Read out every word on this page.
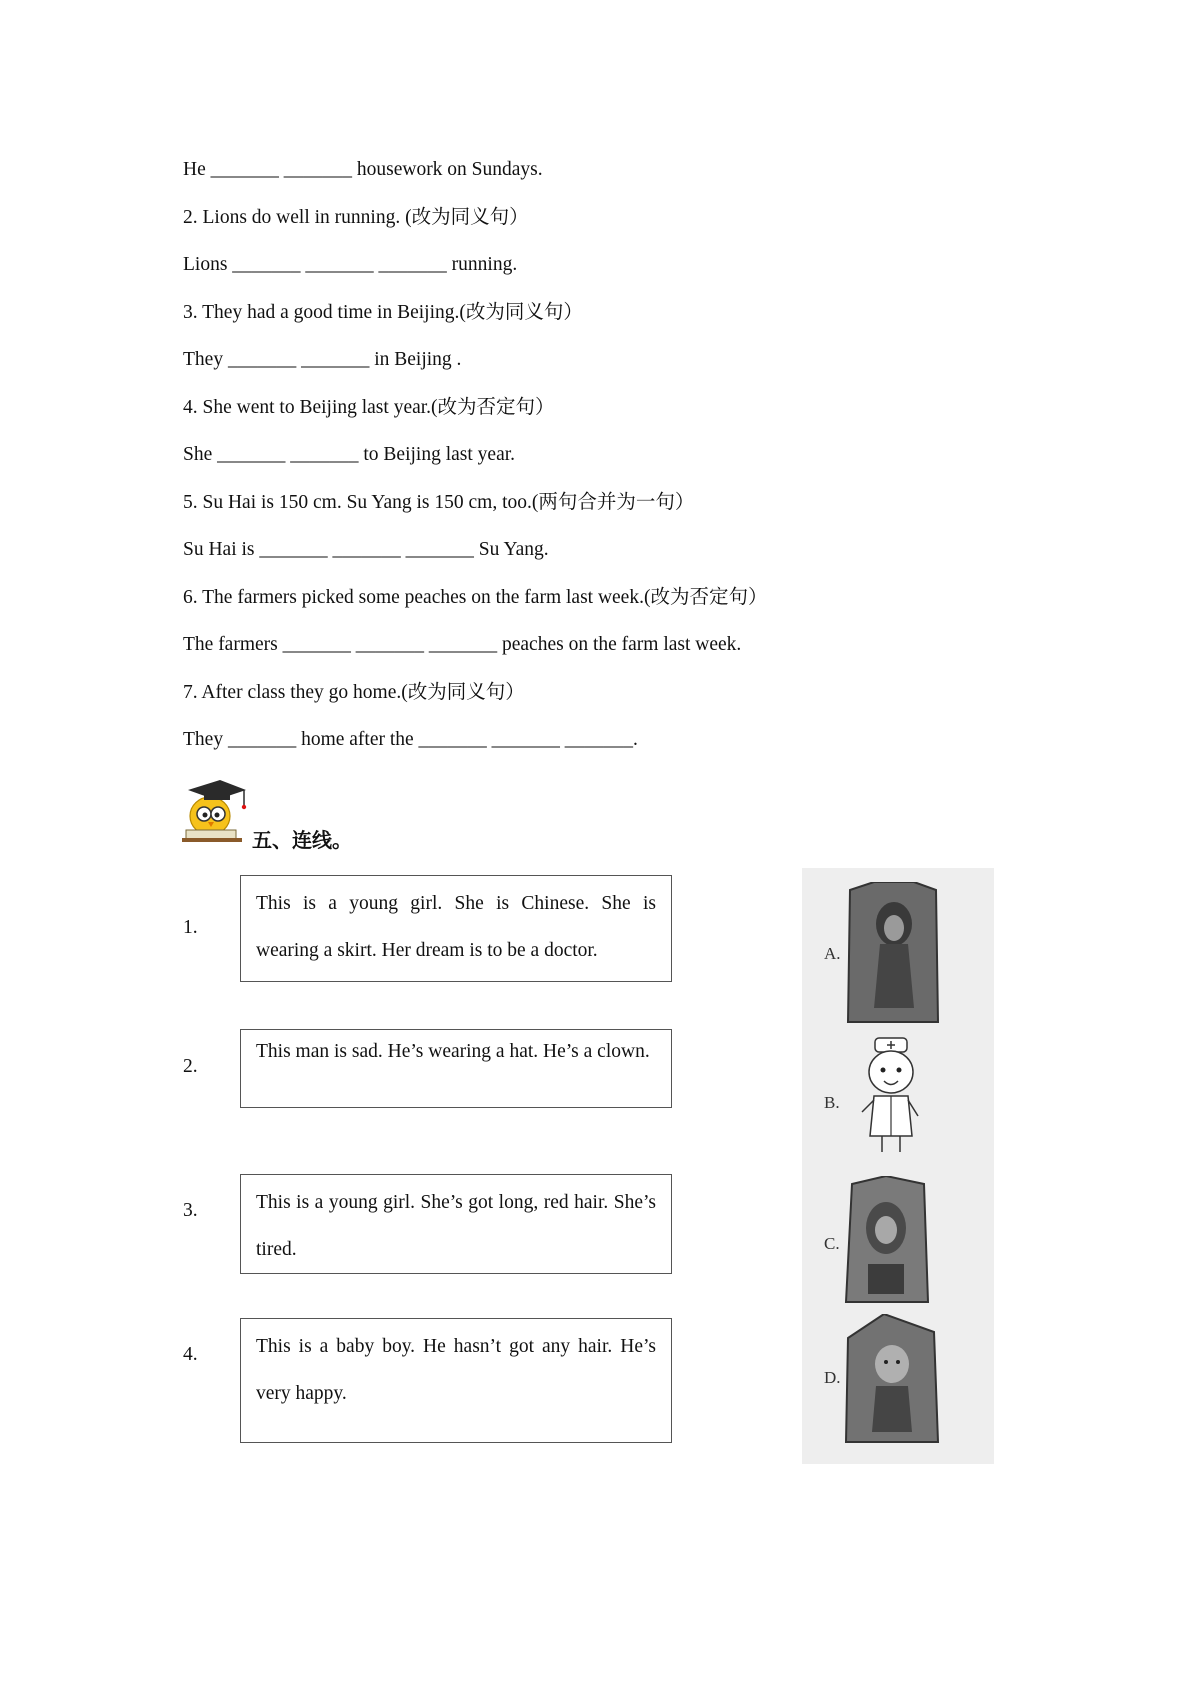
He _______ _______ housework on Sundays.
2. Lions do well in running. (改为同义句）
Lions _______ _______ _______ running.
3. They had a good time in Beijing.(改为同义句）
They _______ _______ in Beijing .
4. She went to Beijing last year.(改为否定句）
She _______ _______ to Beijing last year.
5. Su Hai is 150 cm. Su Yang is 150 cm, too.(两句合并为一句）
Su Hai is _______ _______ _______ Su Yang.
6. The farmers picked some peaches on the farm last week.(改为否定句）
The farmers _______ _______ _______ peaches on the farm last week.
7. After class they go home.(改为同义句）
They _______ home after the _______ _______ _______.
五、连线。
1.
This is a young girl. She is Chinese. She is wearing a skirt. Her dream is to be a doctor.
2.
This man is sad. He’s wearing a hat. He’s a clown.
3.	This is a young girl. She’s got long, red hair. She’s tired.
4.	This is a baby boy. He hasn’t got any hair. He’s very happy.
A.
B.
C.
D.
